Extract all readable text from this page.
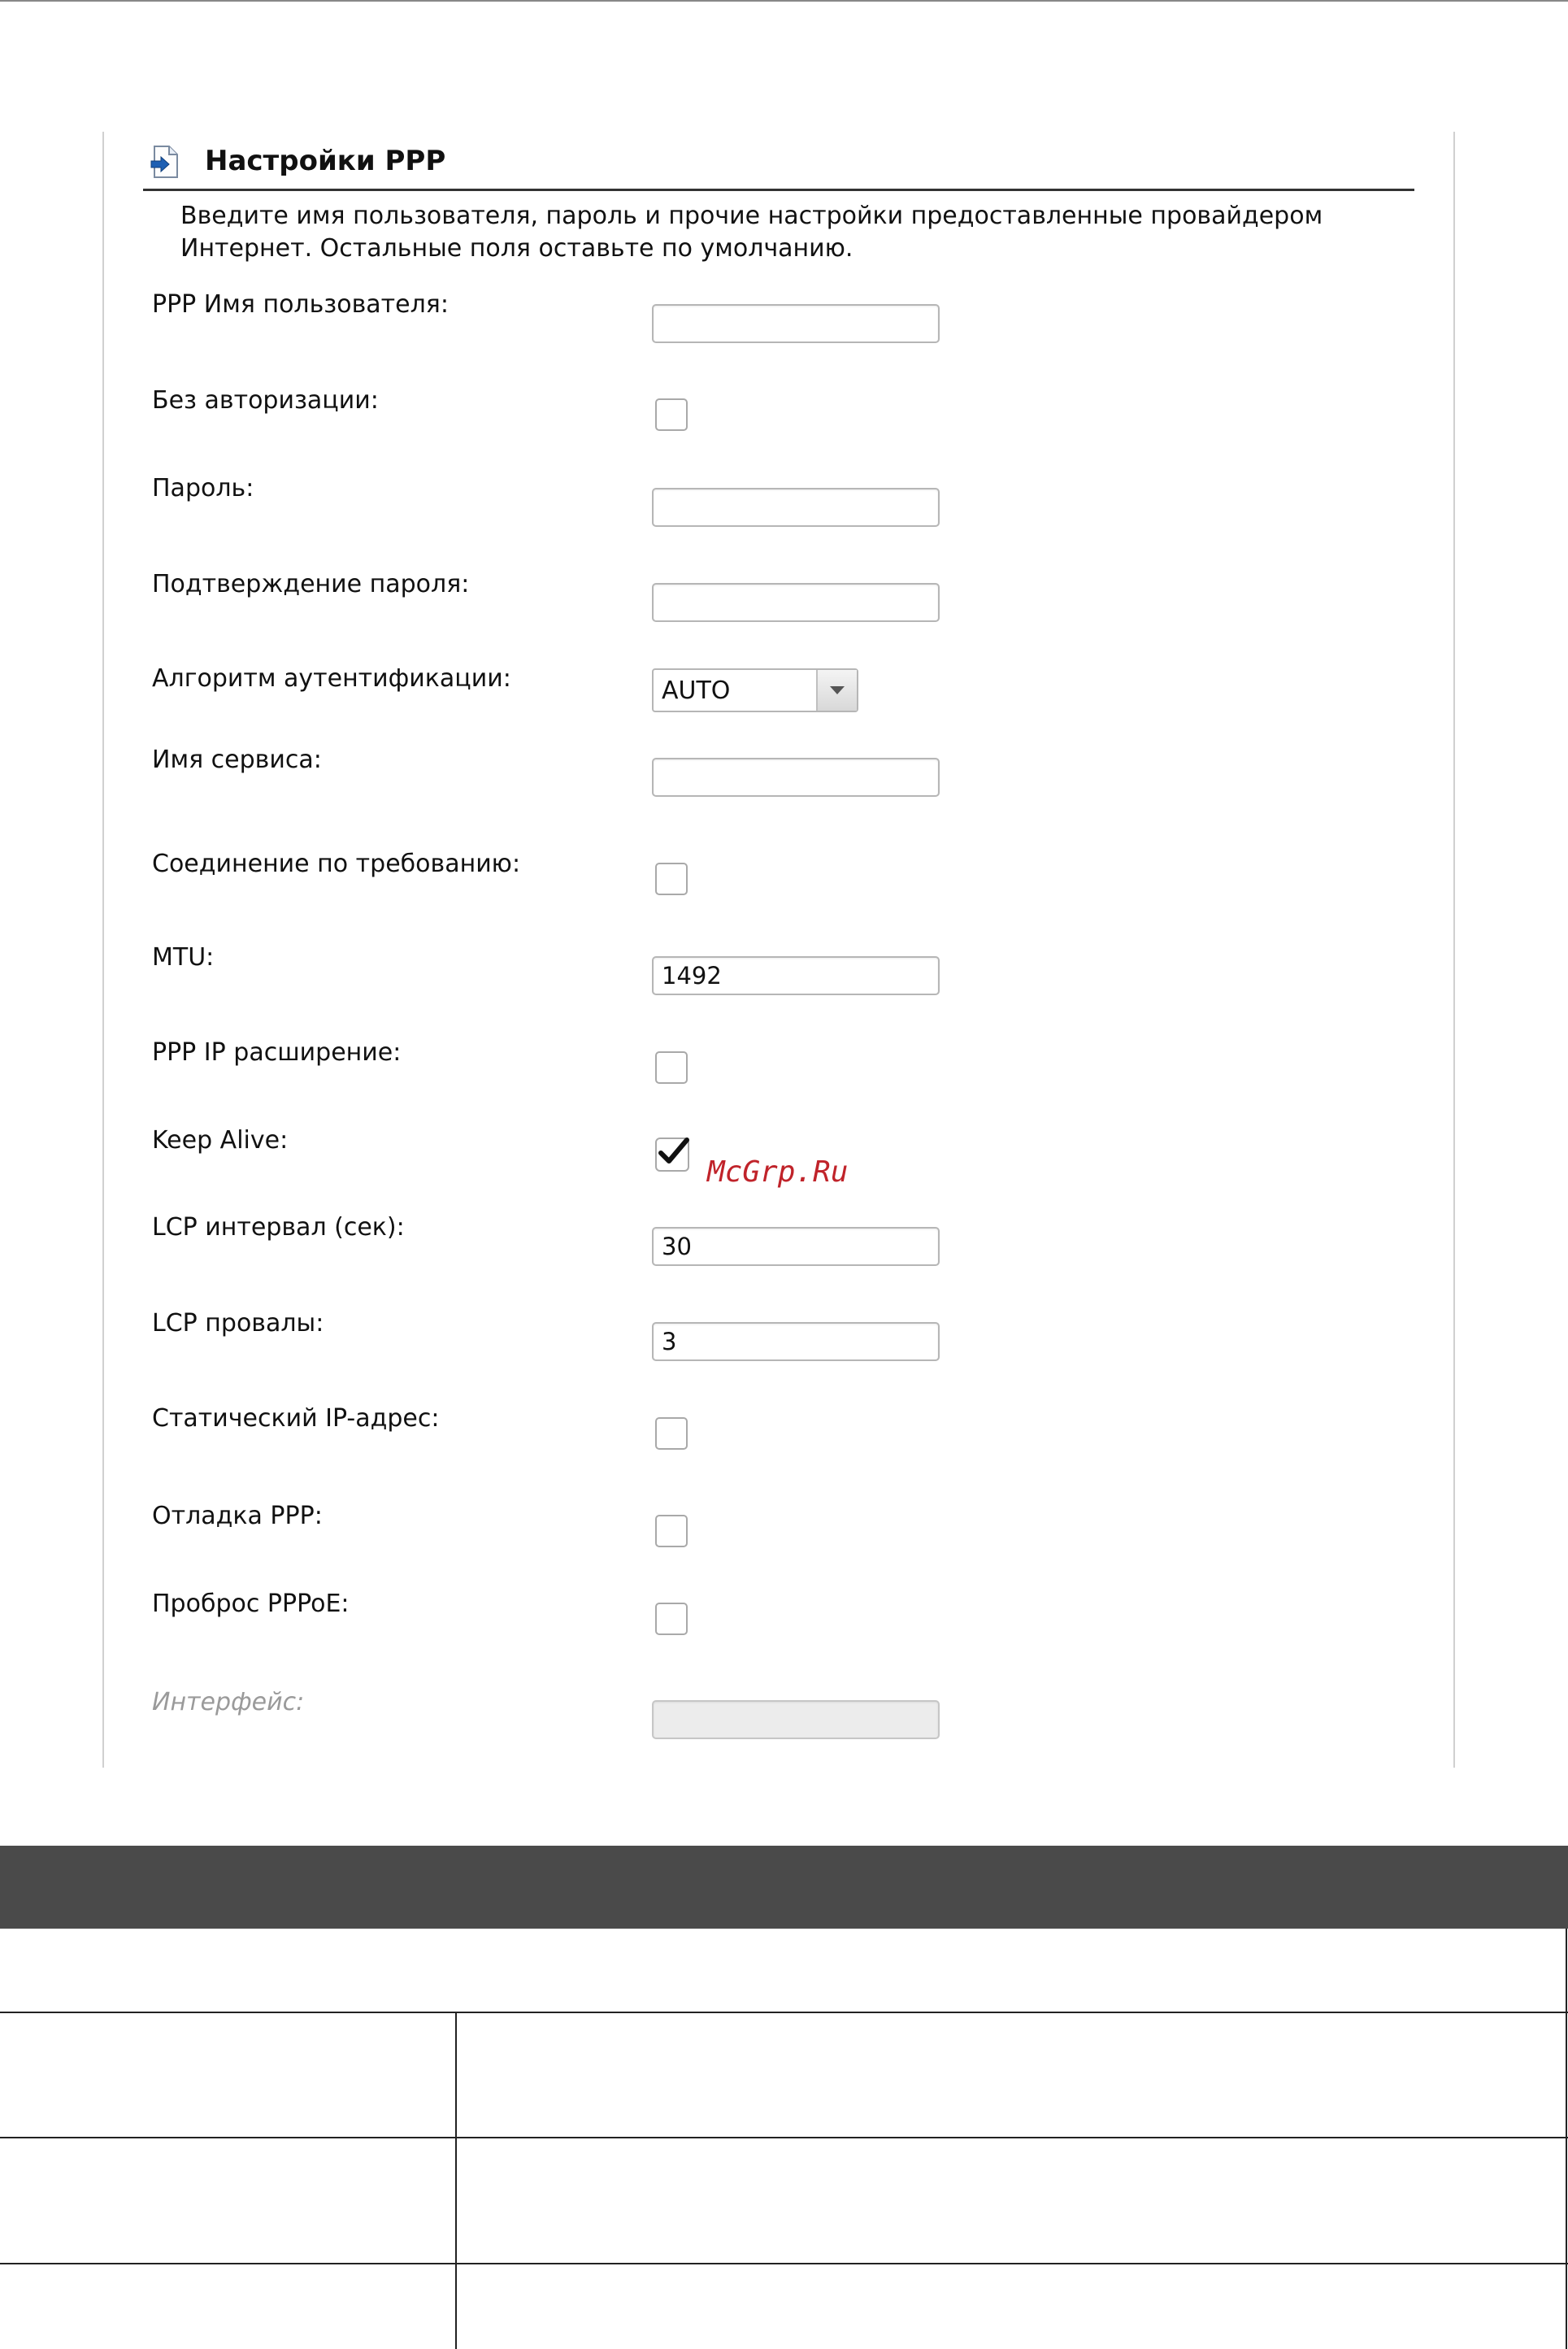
Настройки PPP

Введите имя пользователя, пароль и прочие настройки предоставленные провайдером

Интернет. Остальные поля оставьте по умолчанию.

PPP Имя пользователя:
Без авторизации:
Пароль:
Подтверждение пароля:
Алгоритм аутентификации:	AUTO
Имя сервиса:
Соединение по требованию:
MTU:
1492
PPP IP расширение:
Keep Alive:
McGrp.Ru
LCP интервал (сек):
30
LCP провалы:
3
Статический IP-адрес:
Отладка PPP:
Проброс PPPoE:
Интерфейс:
